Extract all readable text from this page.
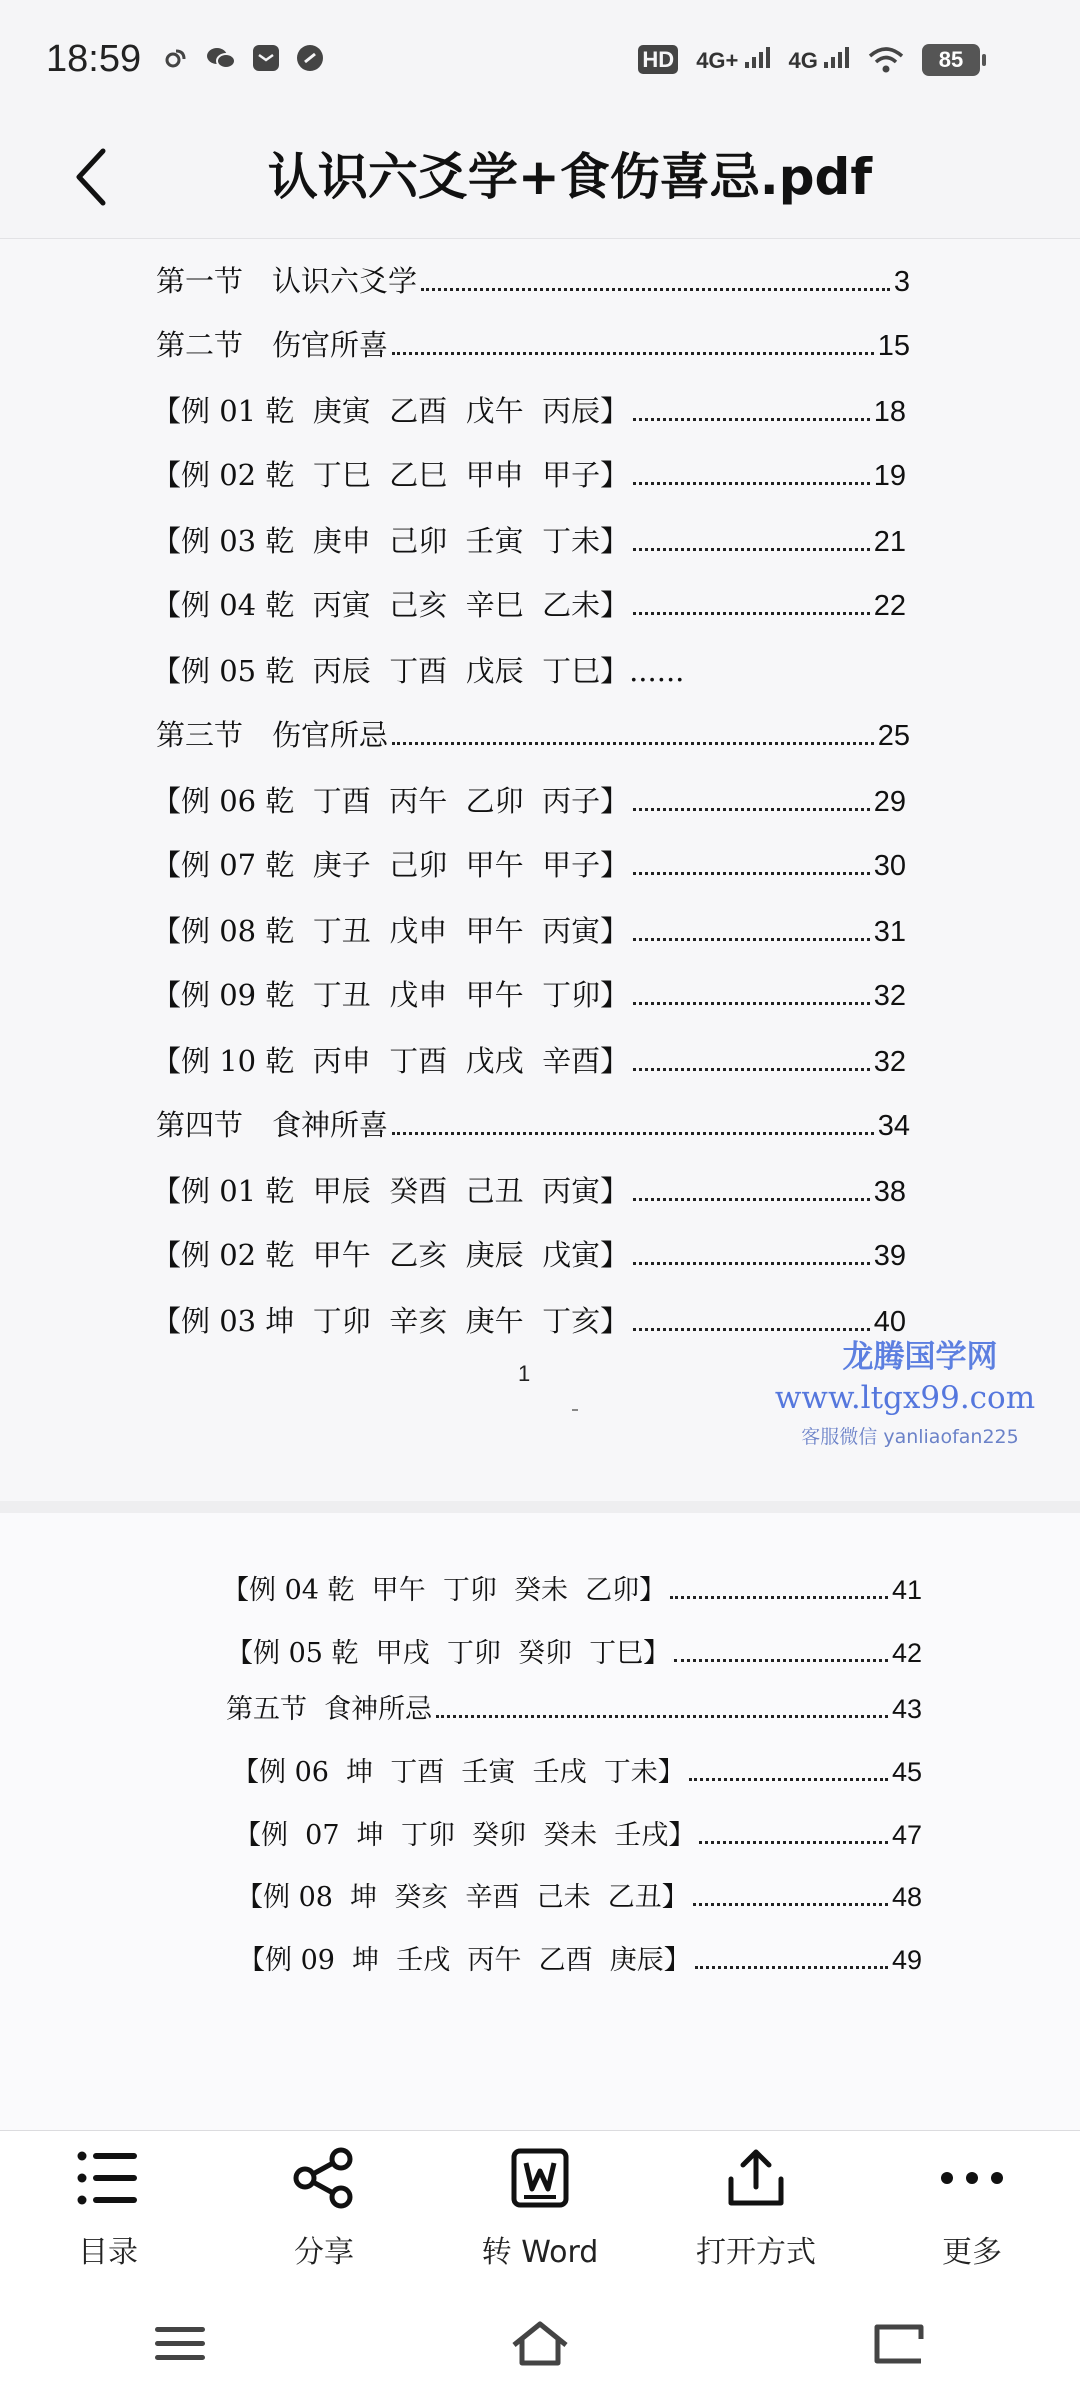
18:59	HD 4G+	4G	85
认识六爻学+食伤喜忌.pdf
第一节　认识六爻学	3
第二节　伤官所喜	15
【例 01 乾  庚寅  乙酉  戊午  丙辰】	18
【例 02 乾  丁巳  乙巳  甲申  甲子】	19
【例 03 乾  庚申  己卯  壬寅  丁未】	21
【例 04 乾  丙寅  己亥  辛巳  乙未】	22
【例 05 乾  丙辰  丁酉  戊辰  丁巳】......
第三节　伤官所忌	25
【例 06 乾  丁酉  丙午  乙卯  丙子】	29
【例 07 乾  庚子  己卯  甲午  甲子】	30
【例 08 乾  丁丑  戊申  甲午  丙寅】	31
【例 09 乾  丁丑  戊申  甲午  丁卯】	32
【例 10 乾  丙申  丁酉  戊戌  辛酉】	32
第四节　食神所喜	34
【例 01 乾  甲辰  癸酉  己丑  丙寅】	38
【例 02 乾  甲午  乙亥  庚辰  戊寅】	39
【例 03 坤  丁卯  辛亥  庚午  丁亥】	40
1	龙腾国学网
www.ltgx99.com
客服微信 yanliaofan225
【例 04 乾  甲午  丁卯  癸未  乙卯】	41
【例 05 乾  甲戌  丁卯  癸卯  丁巳】	42
第五节  食神所忌	43
【例 06  坤  丁酉  壬寅  壬戌  丁未】	45
【例  07  坤  丁卯  癸卯  癸未  壬戌】	47
【例 08  坤  癸亥  辛酉  己未  乙丑】	48
【例 09  坤  壬戌  丙午  乙酉  庚辰】	49
目录	分享	转 Word	打开方式	更多
